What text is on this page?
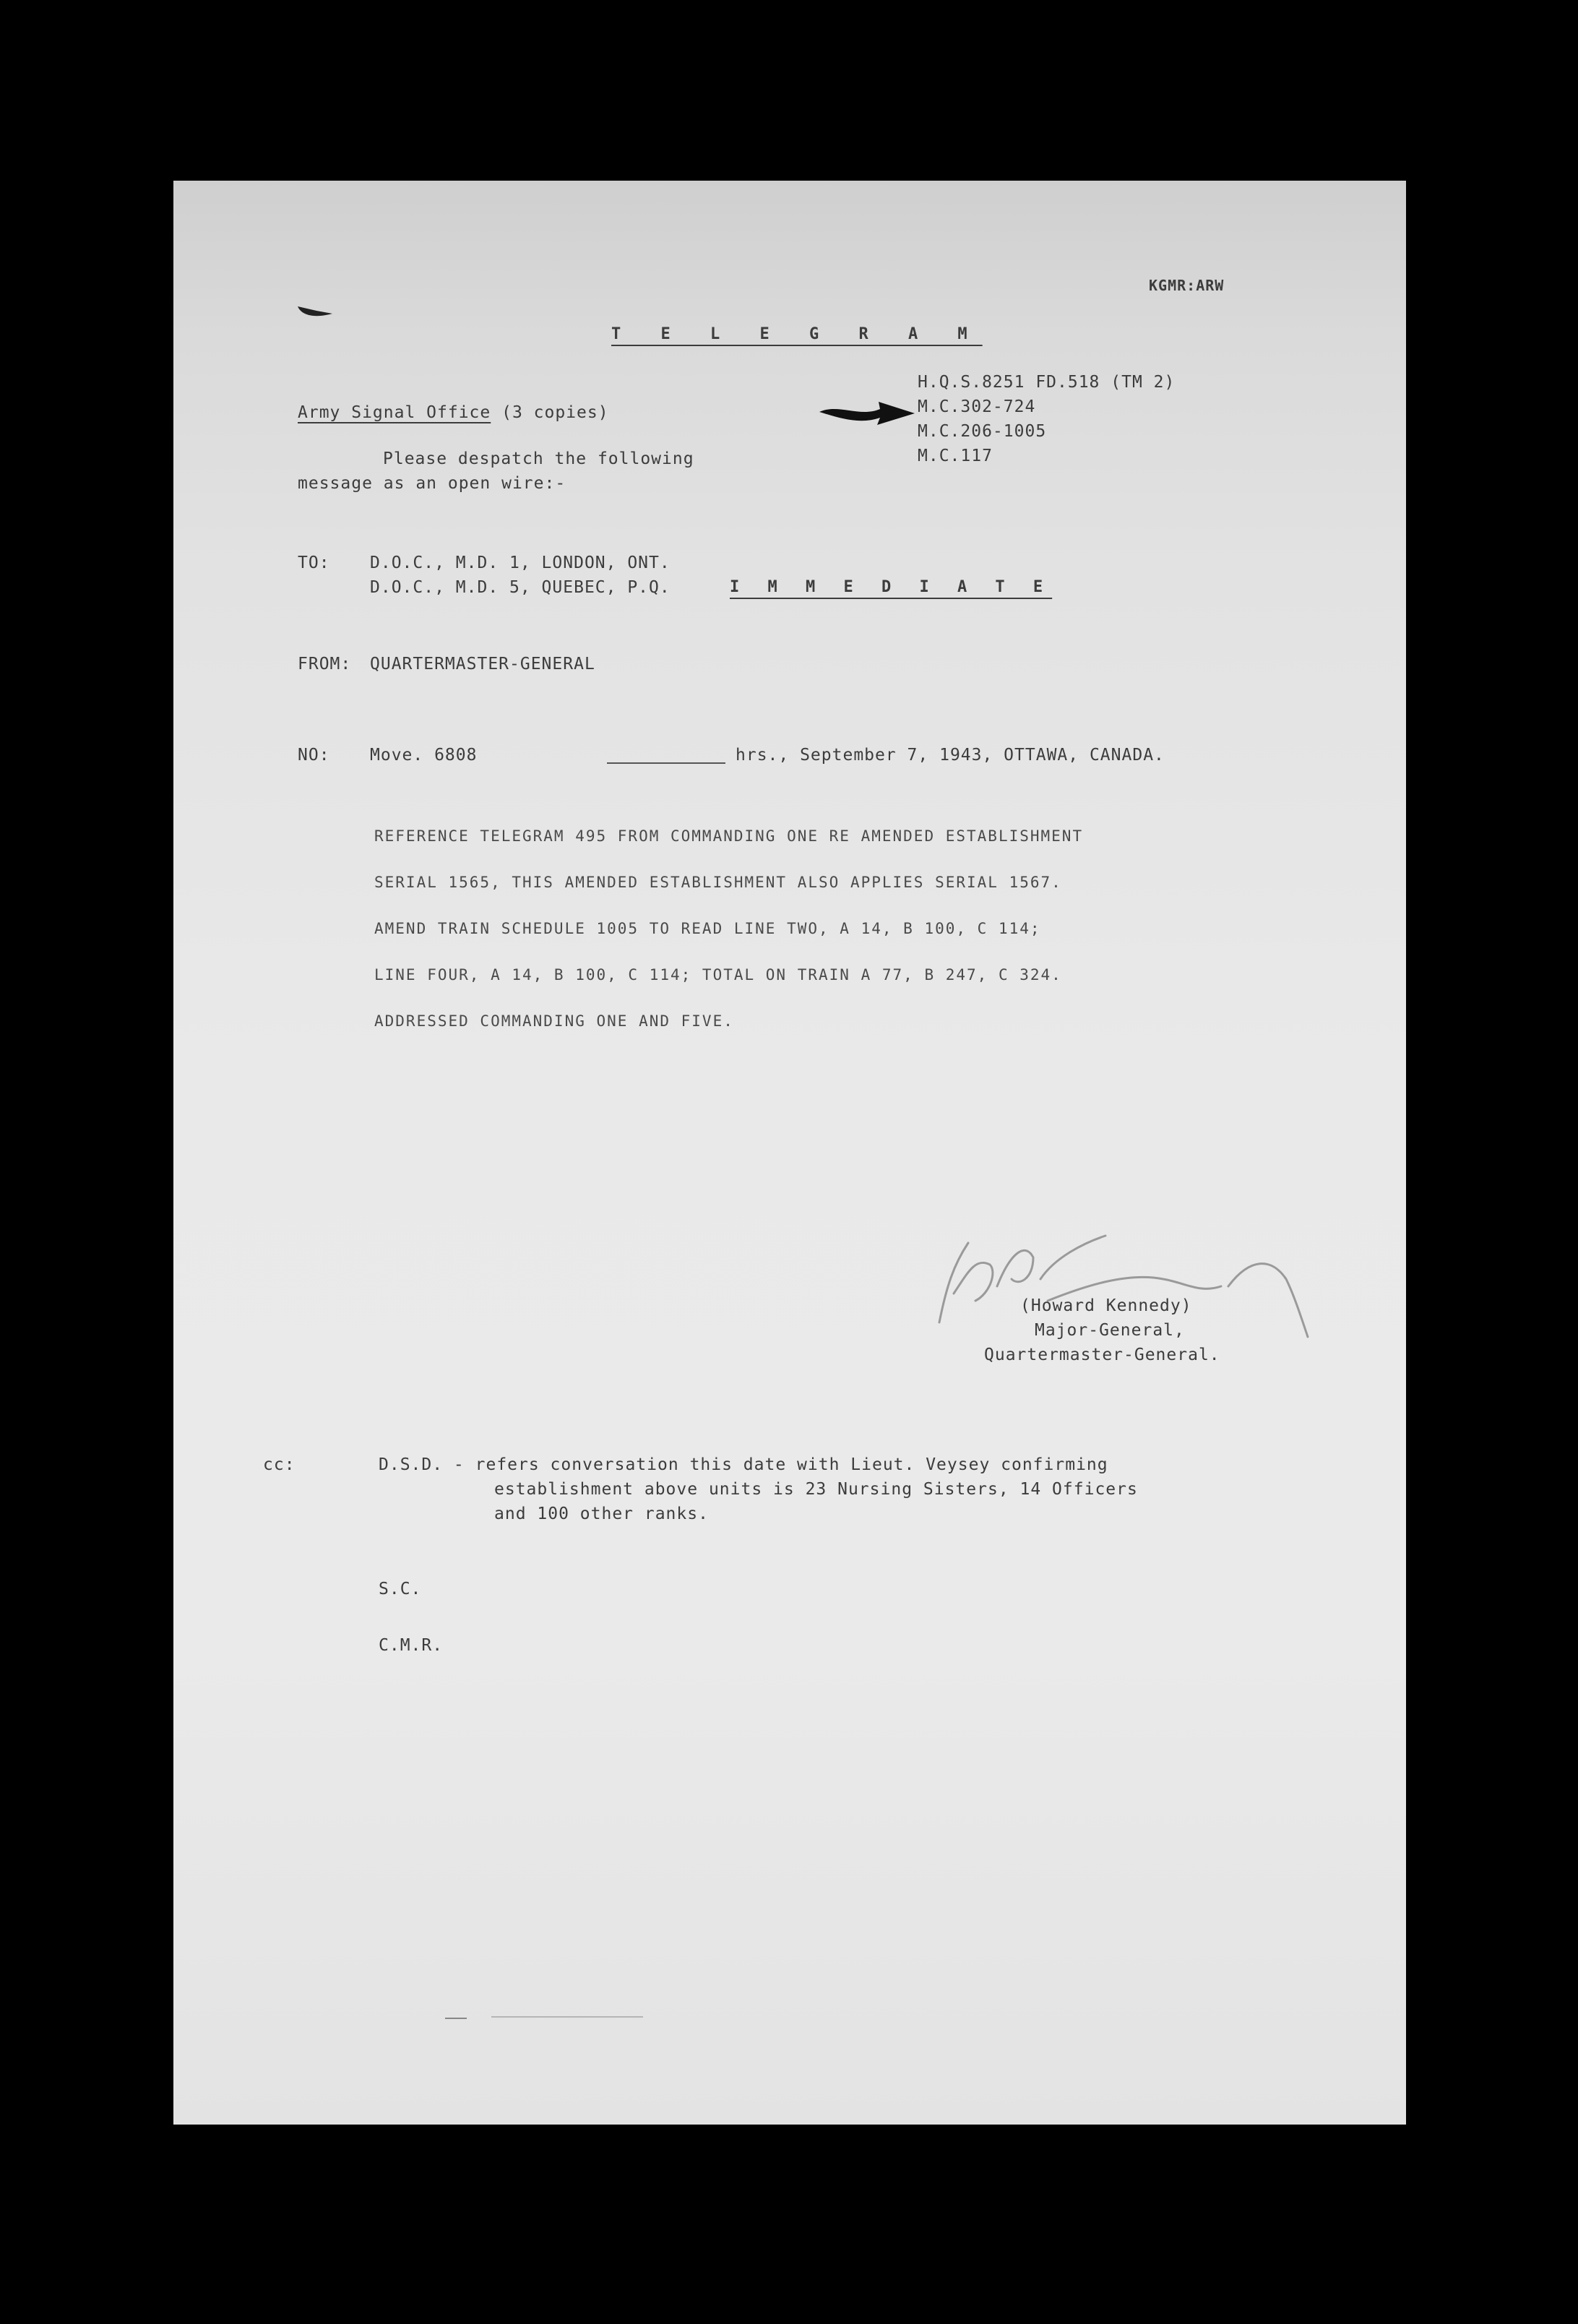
KGMR:ARW
T E L E G R A M
Army Signal Office (3 copies)
Please despatch the following
message as an open wire:-
H.Q.S.8251 FD.518 (TM 2)
M.C.302-724
M.C.206-1005
M.C.117
TO: D.O.C., M.D. 1, LONDON, ONT.
D.O.C., M.D. 5, QUEBEC, P.Q.	I M M E D I A T E
FROM: QUARTERMASTER-GENERAL
NO: Move. 6808	hrs., September 7, 1943, OTTAWA, CANADA.
REFERENCE TELEGRAM 495 FROM COMMANDING ONE RE AMENDED ESTABLISHMENT
SERIAL 1565, THIS AMENDED ESTABLISHMENT ALSO APPLIES SERIAL 1567.
AMEND TRAIN SCHEDULE 1005 TO READ LINE TWO, A 14, B 100, C 114;
LINE FOUR, A 14, B 100, C 114; TOTAL ON TRAIN A 77, B 247, C 324.
ADDRESSED COMMANDING ONE AND FIVE.
(Howard Kennedy)
Major-General,
Quartermaster-General.
cc:	D.S.D. - refers conversation this date with Lieut. Veysey confirming
establishment above units is 23 Nursing Sisters, 14 Officers
and 100 other ranks.
S.C.
C.M.R.
